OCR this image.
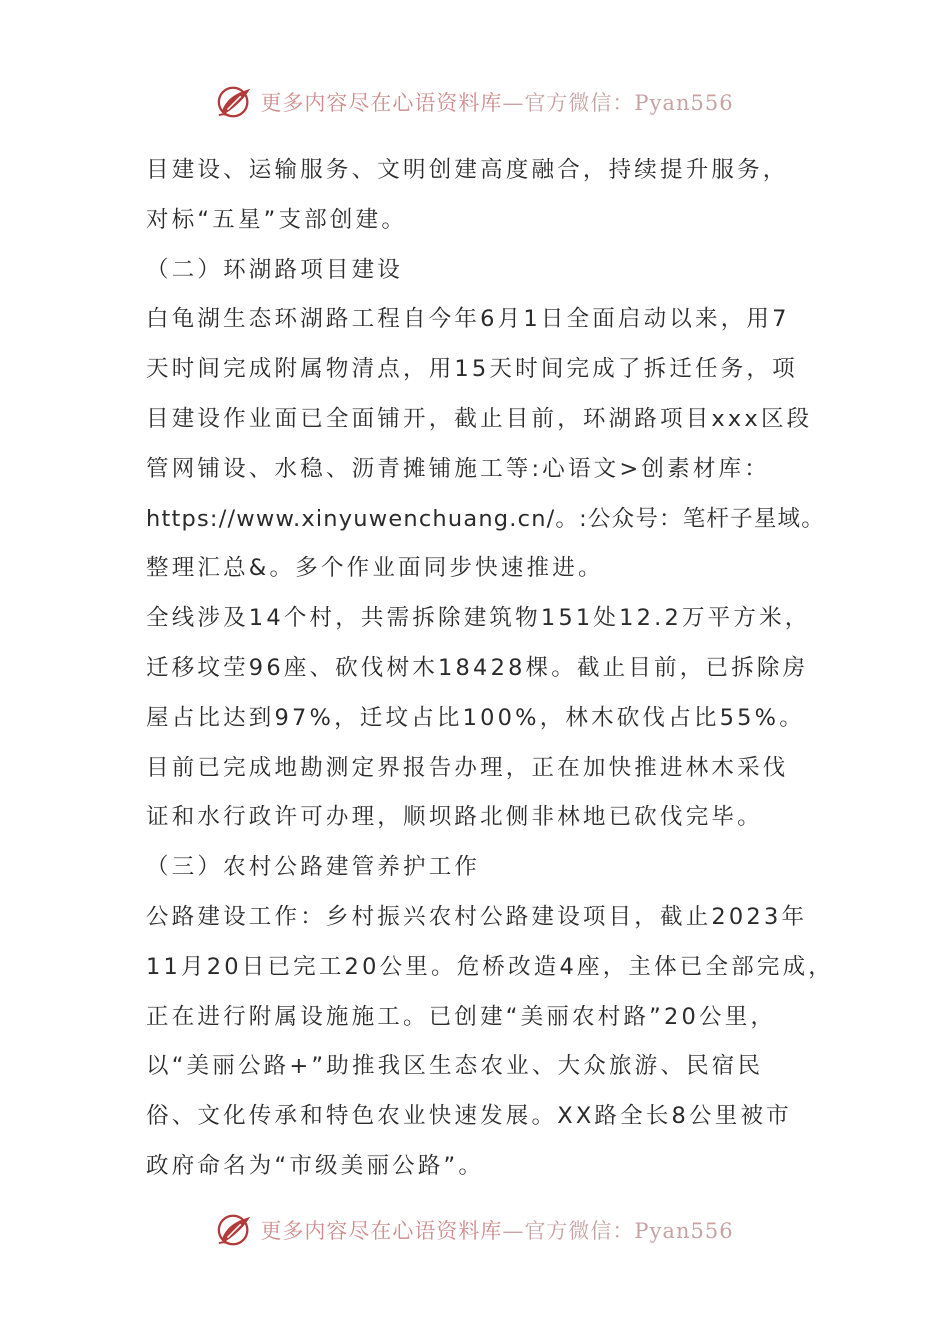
更多内容尽在心语资料库—官方微信：Pyan556
目建设、运输服务、文明创建高度融合，持续提升服务，
对标“五星”支部创建。
（二）环湖路项目建设
白龟湖生态环湖路工程自今年6月1日全面启动以来，用7
天时间完成附属物清点，用15天时间完成了拆迁任务，项
目建设作业面已全面铺开，截止目前，环湖路项目xxx区段
管网铺设、水稳、沥青摊铺施工等:心语文>创素材库：
https://www.xinyuwenchuang.cn/。:公众号：笔杆子星域。
整理汇总&。多个作业面同步快速推进。
全线涉及14个村，共需拆除建筑物151处12.2万平方米，
迁移坟茔96座、砍伐树木18428棵。截止目前，已拆除房
屋占比达到97%，迁坟占比100%，林木砍伐占比55%。
目前已完成地勘测定界报告办理，正在加快推进林木采伐
证和水行政许可办理，顺坝路北侧非林地已砍伐完毕。
（三）农村公路建管养护工作
公路建设工作：乡村振兴农村公路建设项目，截止2023年
11月20日已完工20公里。危桥改造4座，主体已全部完成，
正在进行附属设施施工。已创建“美丽农村路”20公里，
以“美丽公路+”助推我区生态农业、大众旅游、民宿民
俗、文化传承和特色农业快速发展。XX路全长8公里被市
政府命名为“市级美丽公路”。
更多内容尽在心语资料库—官方微信：Pyan556
